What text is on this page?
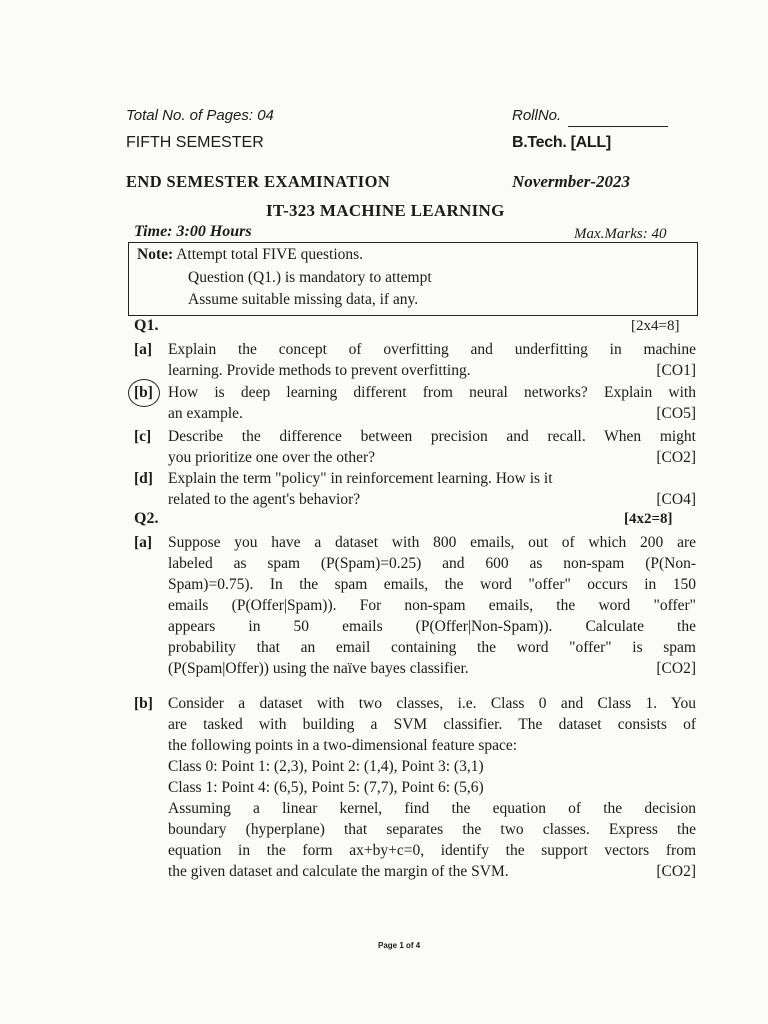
Total No. of Pages: 04	RollNo.
FIFTH SEMESTER	B.Tech. [ALL]
END SEMESTER EXAMINATION	Novermber-2023
IT-323 MACHINE LEARNING
Time: 3:00 Hours	Max.Marks: 40
Note: Attempt total FIVE questions.
Question (Q1.) is mandatory to attempt
Assume suitable missing data, if any.
Q1.	[2x4=8]
[a] Explain the concept of overfitting and underfitting in machine
learning. Provide methods to prevent overfitting.	[CO1]
[b] How is deep learning different from neural networks? Explain with
an example.	[CO5]
[c] Describe the difference between precision and recall. When might
you prioritize one over the other?	[CO2]
[d] Explain the term "policy" in reinforcement learning. How is it
related to the agent's behavior?	[CO4]
Q2.	[4x2=8]
[a] Suppose you have a dataset with 800 emails, out of which 200 are
labeled as spam (P(Spam)=0.25) and 600 as non-spam (P(Non-
Spam)=0.75). In the spam emails, the word "offer" occurs in 150
emails (P(Offer|Spam)). For non-spam emails, the word "offer"
appears in 50 emails (P(Offer|Non-Spam)). Calculate the
probability that an email containing the word "offer" is spam
(P(Spam|Offer)) using the naïve bayes classifier.	[CO2]
[b] Consider a dataset with two classes, i.e. Class 0 and Class 1. You
are tasked with building a SVM classifier. The dataset consists of
the following points in a two-dimensional feature space:
Class 0: Point 1: (2,3), Point 2: (1,4), Point 3: (3,1)
Class 1: Point 4: (6,5), Point 5: (7,7), Point 6: (5,6)
Assuming a linear kernel, find the equation of the decision
boundary (hyperplane) that separates the two classes. Express the
equation in the form ax+by+c=0, identify the support vectors from
the given dataset and calculate the margin of the SVM.	[CO2]
Page 1 of 4
